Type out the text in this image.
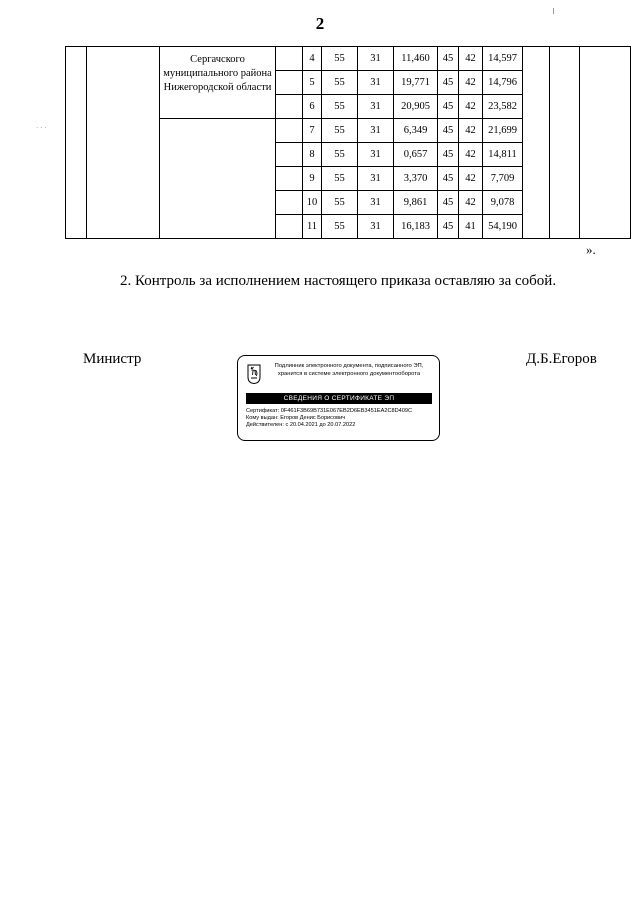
· · ·
2
		Сергачского муниципального района Нижегородской области		4	55	31	11,460	45	42	14,597			
				5	55	31	19,771	45	42	14,796			
				6	55	31	20,905	45	42	23,582			
				7	55	31	6,349	45	42	21,699			
				8	55	31	0,657	45	42	14,811			
				9	55	31	3,370	45	42	7,709			
				10	55	31	9,861	45	42	9,078			
				11	55	31	16,183	45	41	54,190			
».
2. Контроль за исполнением настоящего приказа оставляю за собой.
Министр	Д.Б.Егоров
Подлинник электронного документа, подписанного ЭП,
хранится в системе электронного документооборота
СВЕДЕНИЯ О СЕРТИФИКАТЕ ЭП
Сертификат: 0F461F3B69B731E067EB2D6EB3451EA2C8D409C
Кому выдан: Егоров Денис Борисович
Действителен: с 20.04.2021 до 20.07.2022
